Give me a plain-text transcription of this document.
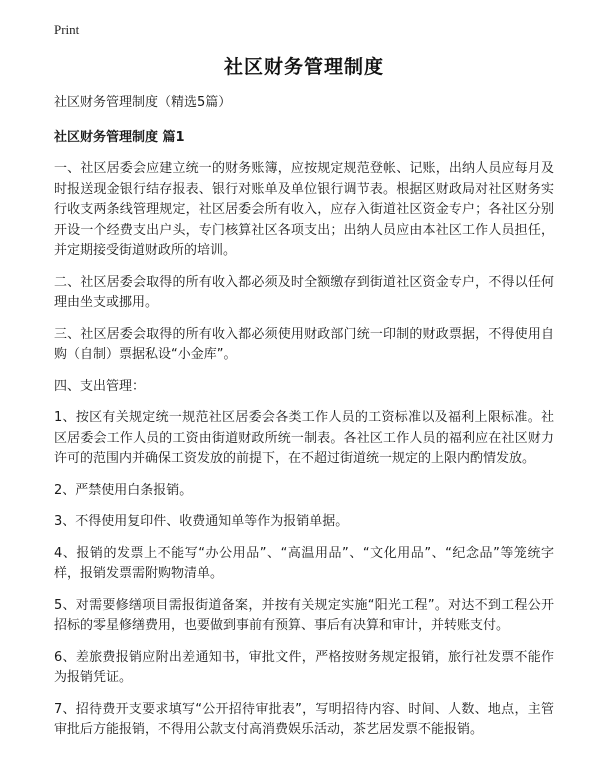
Print
社区财务管理制度
社区财务管理制度（精选5篇）
社区财务管理制度 篇1

一、社区居委会应建立统一的财务账簿，应按规定规范登帐、记账，出纳人员应每月及时报送现金银行结存报表、银行对账单及单位银行调节表。根据区财政局对社区财务实行收支两条线管理规定，社区居委会所有收入，应存入街道社区资金专户；各社区分别开设一个经费支出户头，专门核算社区各项支出；出纳人员应由本社区工作人员担任，并定期接受街道财政所的培训。

二、社区居委会取得的所有收入都必须及时全额缴存到街道社区资金专户，不得以任何理由坐支或挪用。

三、社区居委会取得的所有收入都必须使用财政部门统一印制的财政票据，不得使用自购（自制）票据私设“小金库”。

四、支出管理：

1、按区有关规定统一规范社区居委会各类工作人员的工资标准以及福利上限标准。社区居委会工作人员的工资由街道财政所统一制表。各社区工作人员的福利应在社区财力许可的范围内并确保工资发放的前提下，在不超过街道统一规定的上限内酌情发放。

2、严禁使用白条报销。

3、不得使用复印件、收费通知单等作为报销单据。

4、报销的发票上不能写“办公用品”、“高温用品”、“文化用品”、“纪念品”等笼统字样，报销发票需附购物清单。

5、对需要修缮项目需报街道备案，并按有关规定实施“阳光工程”。对达不到工程公开招标的零星修缮费用，也要做到事前有预算、事后有决算和审计，并转账支付。

6、差旅费报销应附出差通知书，审批文件，严格按财务规定报销，旅行社发票不能作为报销凭证。

7、招待费开支要求填写“公开招待审批表”，写明招待内容、时间、人数、地点，主管审批后方能报销，不得用公款支付高消费娱乐活动，茶艺居发票不能报销。
